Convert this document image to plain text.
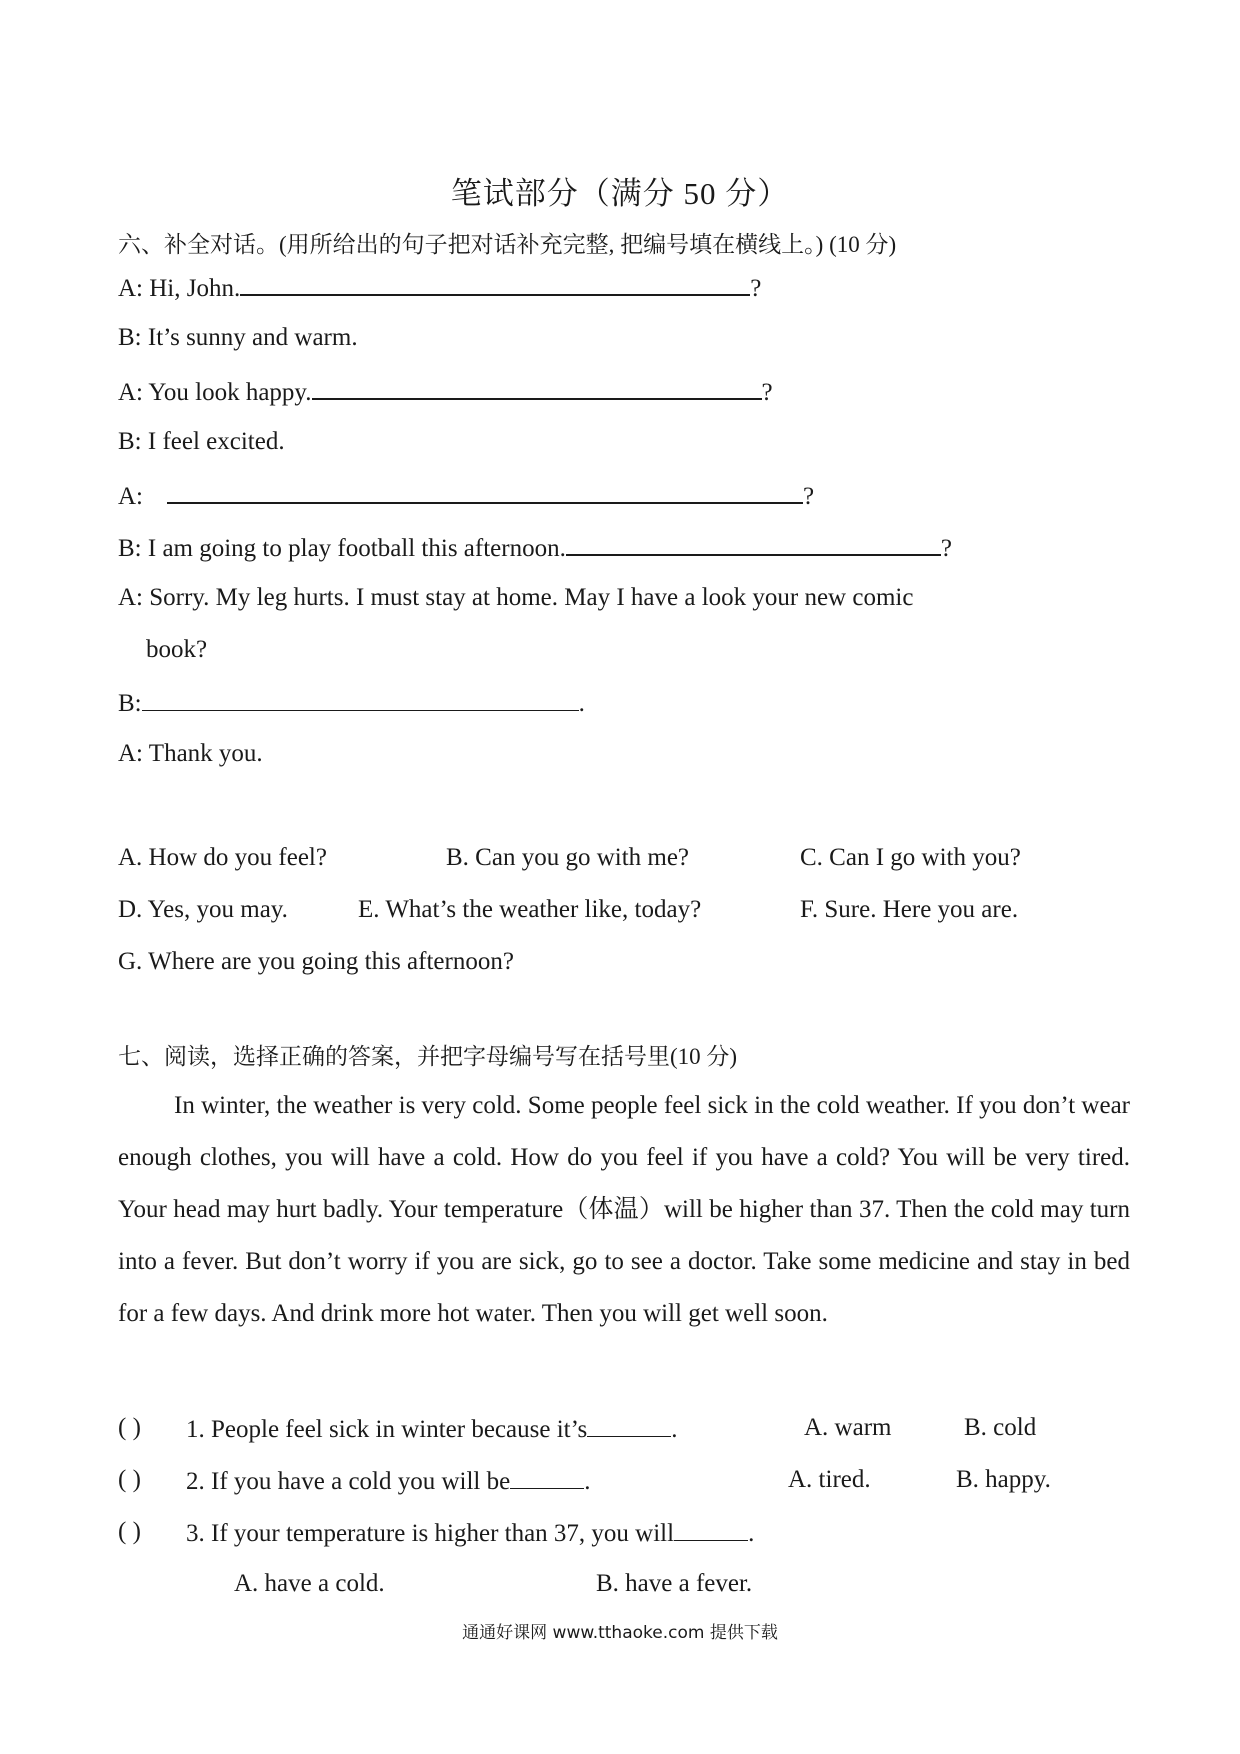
笔试部分（满分 50 分）
六、补全对话。(用所给出的句子把对话补充完整, 把编号填在横线上。) (10 分)
A: Hi, John.	?
B: It’s sunny and warm.
A: You look happy.	?
B: I feel excited.
A:	?
B: I am going to play football this afternoon.	?
A: Sorry. My leg hurts. I must stay at home. May I have a look your new comic
book?
B:	.
A: Thank you.
A. How do you feel?	B. Can you go with me?	C. Can I go with you?
D. Yes, you may.	E. What’s the weather like, today?	F. Sure. Here you are.
G. Where are you going this afternoon?
七、阅读，选择正确的答案，并把字母编号写在括号里(10 分)
In winter, the weather is very cold. Some people feel sick in the cold weather. If you don’t wear enough clothes, you will have a cold. How do you feel if you have a cold? You will be very tired. Your head may hurt badly. Your temperature（体温）will be higher than 37. Then the cold may turn into a fever. But don’t worry if you are sick, go to see a doctor. Take some medicine and stay in bed for a few days. And drink more hot water. Then you will get well soon.
( ) 1. People feel sick in winter because it’s	.	A. warm	B. cold
( ) 2. If you have a cold you will be	.	A. tired.	B. happy.
( ) 3. If your temperature is higher than 37, you will	.
A. have a cold.	B. have a fever.
通通好课网 www.tthaoke.com 提供下载
